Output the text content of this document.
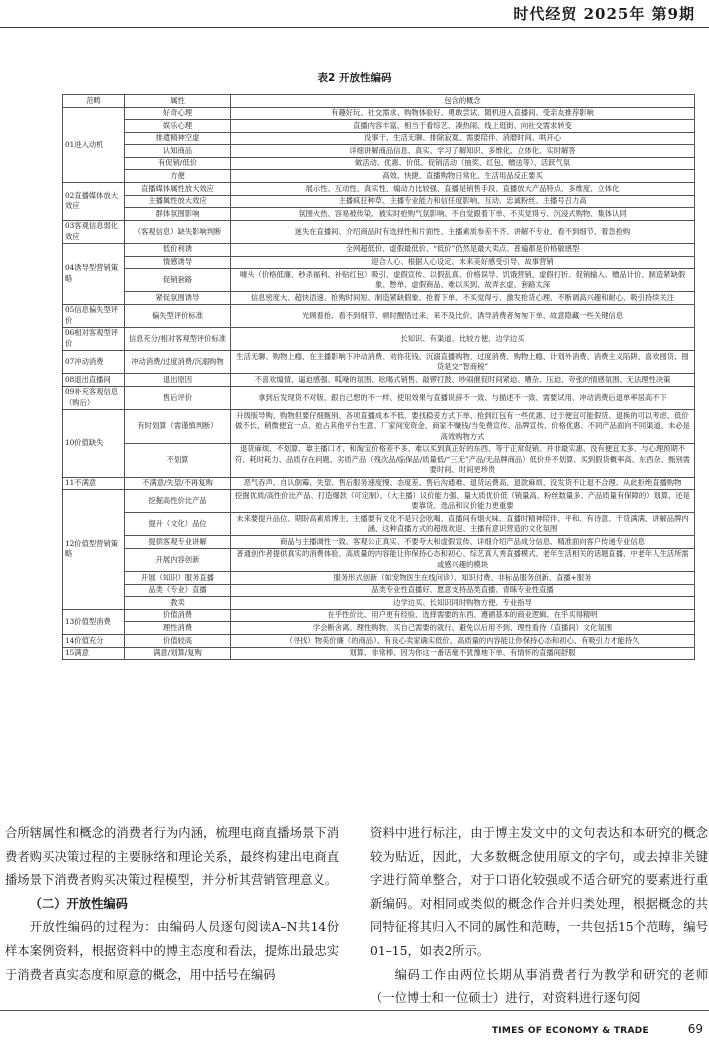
时代经贸 2025年 第9期
表2 开放性编码
范畴	属性	包含的概念
01进入动机	好奇心理	有趣好玩、社交需求、购物体验好、勇敢尝试、随机进入直播间、受亲友推荐影响
	娱乐心理	直播内容丰富、相当于看综艺、凑热闹、线上逛街、向社交需求转变
	排遣精神空虚	没事干、生活无聊、排除寂寞、需要陪伴、消磨时间、哄开心
	认知商品	详细讲解商品信息、真实、学习了解知识、多维化、立体化、实时解答
	有促销/低价	做活动、优惠、价低、促销活动（抽奖、红包、赠送等）、活跃气氛
	方便	高效、快捷、直播购物日常化、生活用品反正要买
02直播媒体放大效应	直播媒体属性放大效应	展示性、互动性、真实性、煽动力比较强、直播是销售手段、直播放大产品特点、多维度、立体化
	主播属性放大效应	主播疯狂种草、主播专业能力和信任度影响、互动、忠诚粉丝、主播号召力高
	群体氛围影响	氛围火热、容易被传染、被实时抢购气氛影响、不自觉跟着下单、不买觉得亏、沉浸式购物、集体认同
03客观信息弱化效应	（客观信息）缺失影响判断	迷失在直播间、介绍商品时有选择性和片面性、主播素质参差不齐、讲解不专业、看不到细节、着急抢购
04诱导型营销策略	低价利诱	全网超低价、虚假最低价、“低价”仍然是最大卖点、普遍都是价格敏感型
	情感诱导	迎合人心、根据人心设定、未来美好感受引导、故事营销
	促销套路	噱头（价格低廉、秒杀福利、补贴红包）吸引、虚假宣传、以假乱真、价格误导、饥饿营销、虚假打折、促销输入、赠品计价、制造紧缺假象、憋单、虚假商品、难以买到、故弄玄虚、套路太深
	紧促氛围诱导	信息密度大、超快语速、抢购时间短、制造紧缺假象、抢着下单、不买觉得亏、激发抢货心理、不断调高兴趣和耐心、吸引持续关注
05信息偏失型评价	偏失型评价标准	光顾着抢、看不到细节、顿时醒悟过来、来不及比价、诱导消费者匆匆下单、故意隐藏一些关键信息
06相对客观型评价	信息充分/相对客观型评价标准	长知识、有渠道、比较方便、边学边买
07冲动消费	冲动消费/过度消费/沉溺购物	生活无聊、购物上瘾、在主播影响下冲动消费、劝你花钱、沉溺直播购物、过度消费、购物上瘾、计划外消费、消费主义陷阱、喜欢囤货、囤货是交“智商税”
08退出直播间	退出原因	不喜欢煽情、逼迫感强、呱噪的氛围、吆喝式销售、敲锣打鼓、吵闹催促时间紧迫、嘈杂、压迫、夸张的情感氛围、无法理性决策
09补充客观信息（购后）	售后评价	拿到后发现货不对版、跟自己想的不一样、使用效果与直播说辞不一致、与描述不一致、需要试用、冲动消费后退单率居高不下
10价值缺失	有时划算（需谨慎判断）	升级版导购、购物但要仔细甄别、各项直播成本不低、要找稳妥方式下单、抢到红包有一些优惠、过于便宜可能假货、退换的可以考虑、低价做不长、稍微便宜一点、抢占其他平台生意、厂家间宠资金、商家不赚钱/当免费宣传、品牌宣传、价格优惠、不同产品面向不同渠道、未必是高效购物方式
	不划算	退货麻烦、不划算、靠主播口才、和淘宝价格差不多、难以买到真正好的东西、等于正常促销、并非最实惠、没有便宜太多、与心理预期不符、耗时耗力、品质存在问题、劣质产品（残次品/临保品/质量低/“三无”产品/无品牌商品）低价并不划算、买到假货概率高、东西杂、甄别需要时间、时间更珍贵
11不满意	不满意/失望/不再复购	恶气吞声、自认倒霉、失望、售后服务速度慢、态度差、售后沟通难、退货运费高、退款麻烦、没发货不让退不合理、从此拒绝直播购物
12价值型营销策略	挖掘高性价比产品	挖掘优质/高性价比产品、打造爆款（可定制）、（大主播）议价能力强、量大质优价低（销量高、粉丝数量多、产品质量有保障的）划算、还是要靠货、选品和议价能力更重要
	提升（文化）品位	未来要提升品位、期盼高素质博主、主播要有文化不是只会吆喝、直播间有烟火味、直播时精神陪伴、平和、有诗意、干货满满、讲解品牌内涵、这种直播方式的超级欢迎、主播有意识营造的文化氛围
	提供客观专业讲解	商品与主播调性一致、客观公正真实、不要夸大和虚假宣传、详细介绍产品成分信息、精准面向客户传递专业信息
	开展内容创新	普通创作者提供真实的消费体验、高质量的内容能让你保持心态和初心、综艺真人秀直播模式、老年生活相关的话题直播、中老年人生活所需或感兴趣的模块
	开展（知识）服务直播	服务形式创新（如宠物医生在线问诊）、知识付费、非标品服务创新、直播+服务
	品类（专业）直播	品类专业性直播好、愿意支持品类直播、青睐专业性直播
	教卖	边学边买、长知识同时购物方便、专业指导
13价值型消费	价值消费	在乎性价比、用户更有经验、选择需要的东西、遵循基本的商业逻辑、在乎买得精明
	理性消费	学会断舍离、理性购物、买自己需要的就行、避免以后用不到、理性看待（直播间）文化氛围
14价值充分	价值较高	（寻找）物美价廉（的商品）、有良心卖家确实低价、高质量的内容能让你保持心态和初心、有吸引力才能持久
15满意	满意/划算/复购	划算、非常棒、因为你这一番话毫不犹豫地下单、有情怀的直播间舒服

合所辖属性和概念的消费者行为内涵，梳理电商直播场景下消费者购买决策过程的主要脉络和理论关系，最终构建出电商直播场景下消费者购买决策过程模型，并分析其营销管理意义。

（二）开放性编码

开放性编码的过程为：由编码人员逐句阅读A–N共14份样本案例资料，根据资料中的博主态度和看法，提炼出最忠实于消费者真实态度和原意的概念，用中括号在编码

资料中进行标注，由于博主发文中的文句表达和本研究的概念较为贴近，因此，大多数概念使用原文的字句，或去掉非关键字进行简单整合，对于口语化较强或不适合研究的要素进行重新编码。对相同或类似的概念作合并归类处理，根据概念的共同特征将其归入不同的属性和范畴，一共包括15个范畴，编号01–15，如表2所示。

编码工作由两位长期从事消费者行为教学和研究的老师（一位博士和一位硕士）进行，对资料进行逐句阅

TIMES OF ECONOMY & TRADE	69
